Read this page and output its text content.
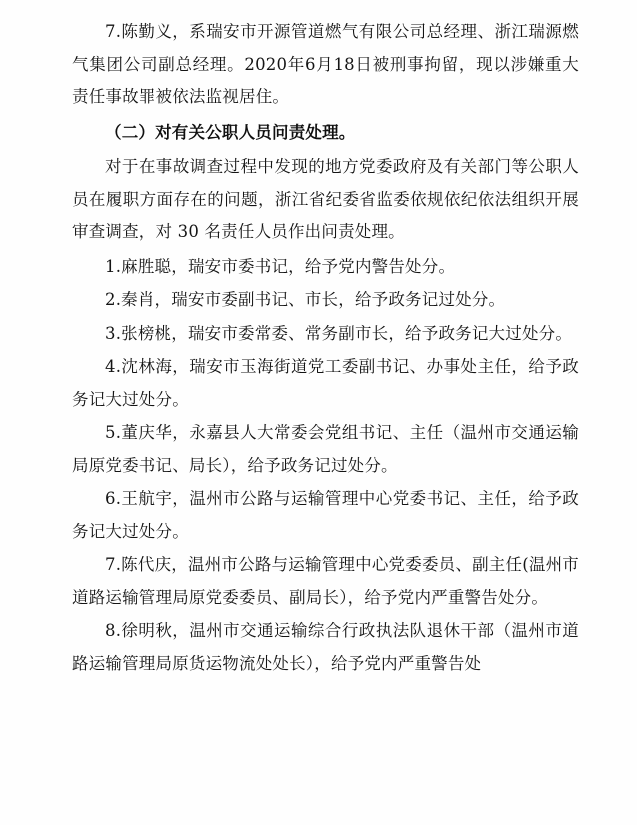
7.陈勤义，系瑞安市开源管道燃气有限公司总经理、浙江瑞源燃气集团公司副总经理。2020年6月18日被刑事拘留，现以涉嫌重大责任事故罪被依法监视居住。

（二）对有关公职人员问责处理。

对于在事故调查过程中发现的地方党委政府及有关部门等公职人员在履职方面存在的问题，浙江省纪委省监委依规依纪依法组织开展审查调查，对 30 名责任人员作出问责处理。

1.麻胜聪，瑞安市委书记，给予党内警告处分。

2.秦肖，瑞安市委副书记、市长，给予政务记过处分。

3.张榜桃，瑞安市委常委、常务副市长，给予政务记大过处分。

4.沈林海，瑞安市玉海街道党工委副书记、办事处主任，给予政务记大过处分。

5.董庆华，永嘉县人大常委会党组书记、主任（温州市交通运输局原党委书记、局长），给予政务记过处分。

6.王航宇，温州市公路与运输管理中心党委书记、主任，给予政务记大过处分。

7.陈代庆，温州市公路与运输管理中心党委委员、副主任(温州市道路运输管理局原党委委员、副局长），给予党内严重警告处分。

8.徐明秋，温州市交通运输综合行政执法队退休干部（温州市道路运输管理局原货运物流处处长），给予党内严重警告处
